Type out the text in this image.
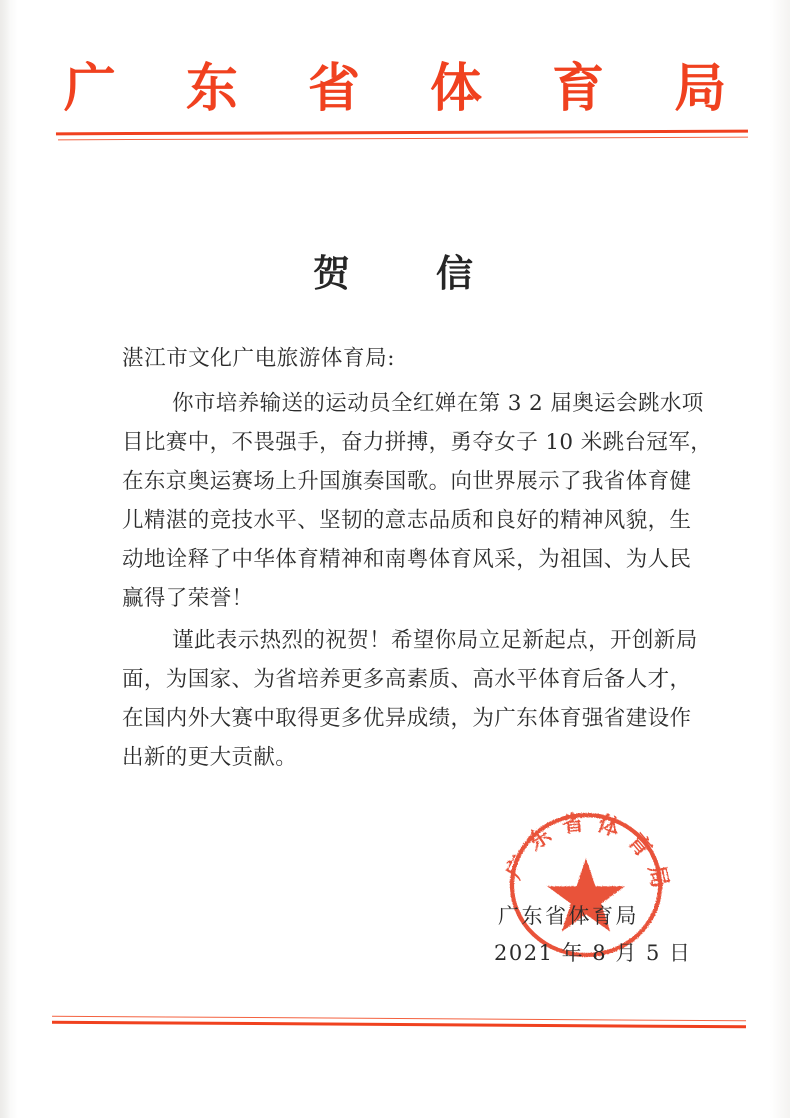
广 东 省 体 育 局
贺　　信
湛江市文化广电旅游体育局:
你市培养输送的运动员全红婵在第 3 2 届奥运会跳水项
目比赛中，不畏强手，奋力拼搏，勇夺女子 10 米跳台冠军，
在东京奥运赛场上升国旗奏国歌。向世界展示了我省体育健
儿精湛的竞技水平、坚韧的意志品质和良好的精神风貌，生
动地诠释了中华体育精神和南粤体育风采，为祖国、为人民
赢得了荣誉！
谨此表示热烈的祝贺！希望你局立足新起点，开创新局
面，为国家、为省培养更多高素质、高水平体育后备人才，
在国内外大赛中取得更多优异成绩，为广东体育强省建设作
出新的更大贡献。
广东省体育局
广东省体育局
2021 年 8 月 5 日
